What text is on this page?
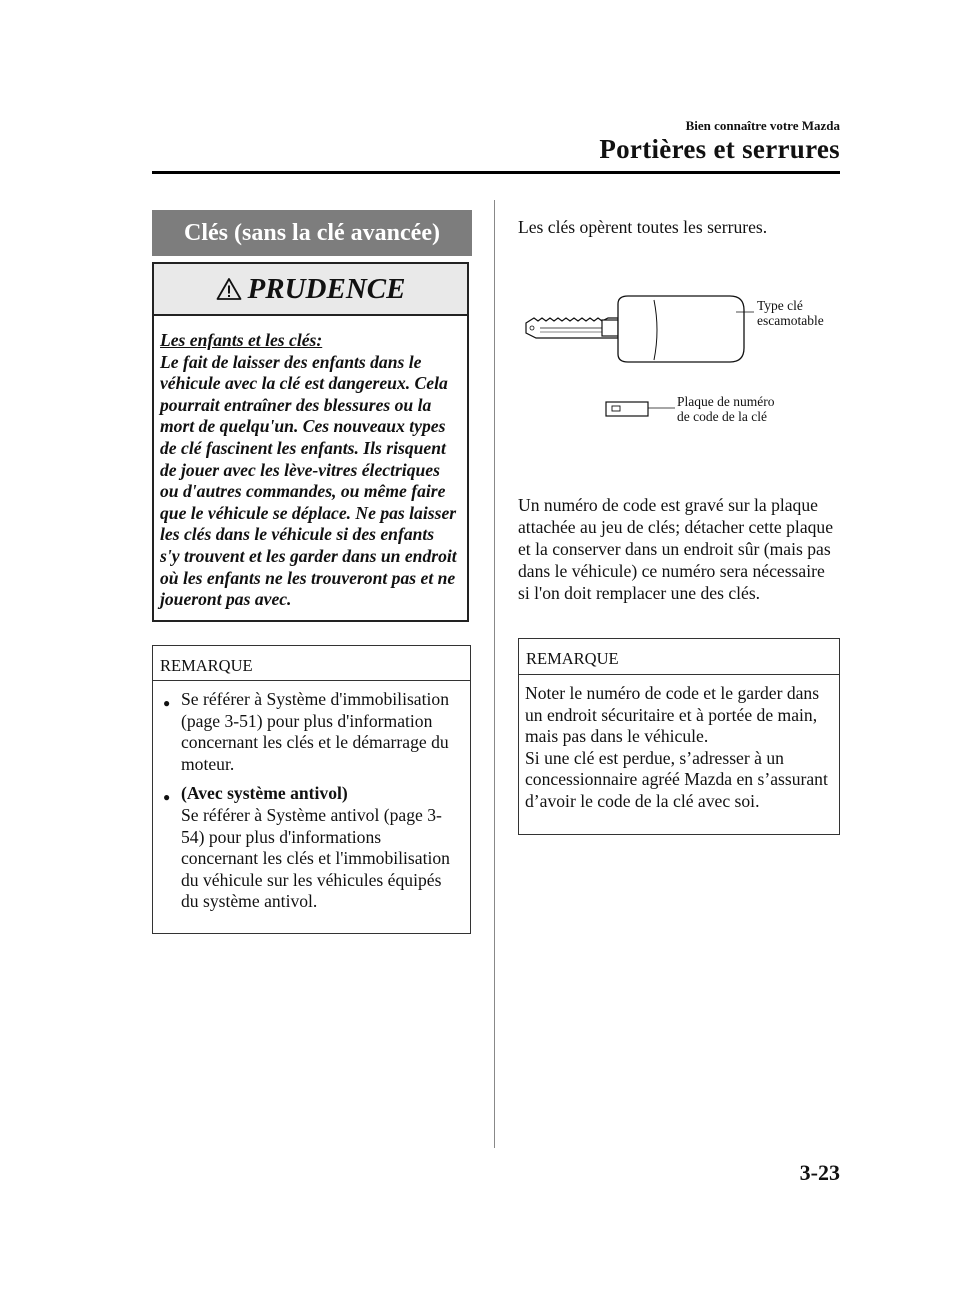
Bien connaître votre Mazda
Portières et serrures
Clés (sans la clé avancée)
PRUDENCE
Les enfants et les clés:
Le fait de laisser des enfants dans le véhicule avec la clé est dangereux. Cela pourrait entraîner des blessures ou la mort de quelqu'un. Ces nouveaux types de clé fascinent les enfants. Ils risquent de jouer avec les lève-vitres électriques ou d'autres commandes, ou même faire que le véhicule se déplace. Ne pas laisser les clés dans le véhicule si des enfants s'y trouvent et les garder dans un endroit où les enfants ne les trouveront pas et ne joueront pas avec.
REMARQUE
● Se référer à Système d'immobilisation (page 3-51) pour plus d'information concernant les clés et le démarrage du moteur.
● (Avec système antivol)
Se référer à Système antivol (page 3-54) pour plus d'informations concernant les clés et l'immobilisation du véhicule sur les véhicules équipés du système antivol.
Les clés opèrent toutes les serrures.
Type clé
escamotable
Plaque de numéro
de code de la clé
Un numéro de code est gravé sur la plaque attachée au jeu de clés; détacher cette plaque et la conserver dans un endroit sûr (mais pas dans le véhicule) ce numéro sera nécessaire si l'on doit remplacer une des clés.
REMARQUE
Noter le numéro de code et le garder dans un endroit sécuritaire et à portée de main, mais pas dans le véhicule.
Si une clé est perdue, s’adresser à un concessionnaire agréé Mazda en s’assurant d’avoir le code de la clé avec soi.
3-23
